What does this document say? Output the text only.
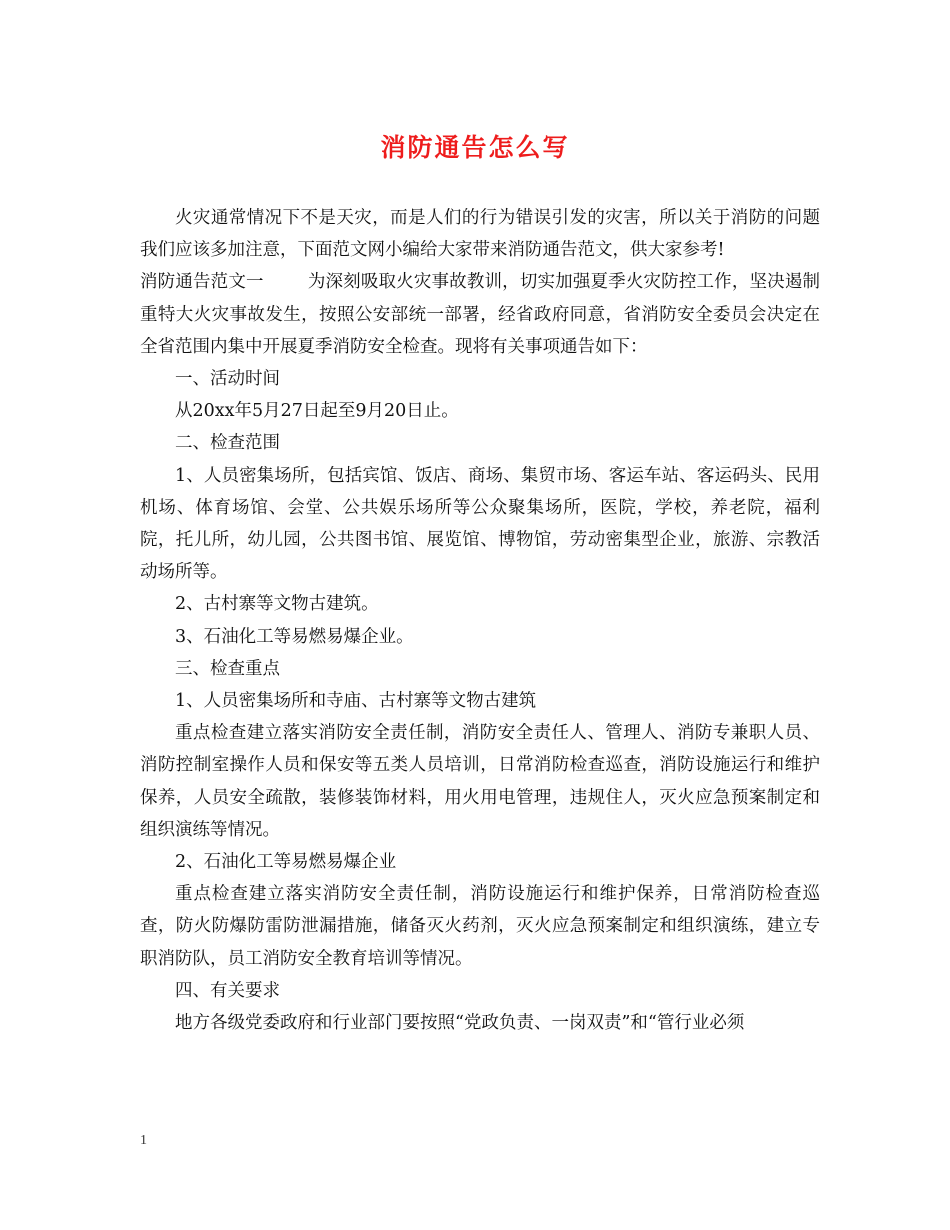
消防通告怎么写

火灾通常情况下不是天灾，而是人们的行为错误引发的灾害，所以关于消防的问题我们应该多加注意，下面范文网小编给大家带来消防通告范文，供大家参考!

消防通告范文一	为深刻吸取火灾事故教训，切实加强夏季火灾防控工作，坚决遏制重特大火灾事故发生，按照公安部统一部署，经省政府同意，省消防安全委员会决定在全省范围内集中开展夏季消防安全检查。现将有关事项通告如下：

一、活动时间

从20xx年5月27日起至9月20日止。

二、检查范围

1、人员密集场所，包括宾馆、饭店、商场、集贸市场、客运车站、客运码头、民用机场、体育场馆、会堂、公共娱乐场所等公众聚集场所，医院，学校，养老院，福利院，托儿所，幼儿园，公共图书馆、展览馆、博物馆，劳动密集型企业，旅游、宗教活动场所等。

2、古村寨等文物古建筑。

3、石油化工等易燃易爆企业。

三、检查重点

1、人员密集场所和寺庙、古村寨等文物古建筑

重点检查建立落实消防安全责任制，消防安全责任人、管理人、消防专兼职人员、消防控制室操作人员和保安等五类人员培训，日常消防检查巡查，消防设施运行和维护保养，人员安全疏散，装修装饰材料，用火用电管理，违规住人，灭火应急预案制定和组织演练等情况。

2、石油化工等易燃易爆企业

重点检查建立落实消防安全责任制，消防设施运行和维护保养，日常消防检查巡查，防火防爆防雷防泄漏措施，储备灭火药剂，灭火应急预案制定和组织演练，建立专职消防队，员工消防安全教育培训等情况。

四、有关要求

地方各级党委政府和行业部门要按照“党政负责、一岗双责”和“管行业必须

1
